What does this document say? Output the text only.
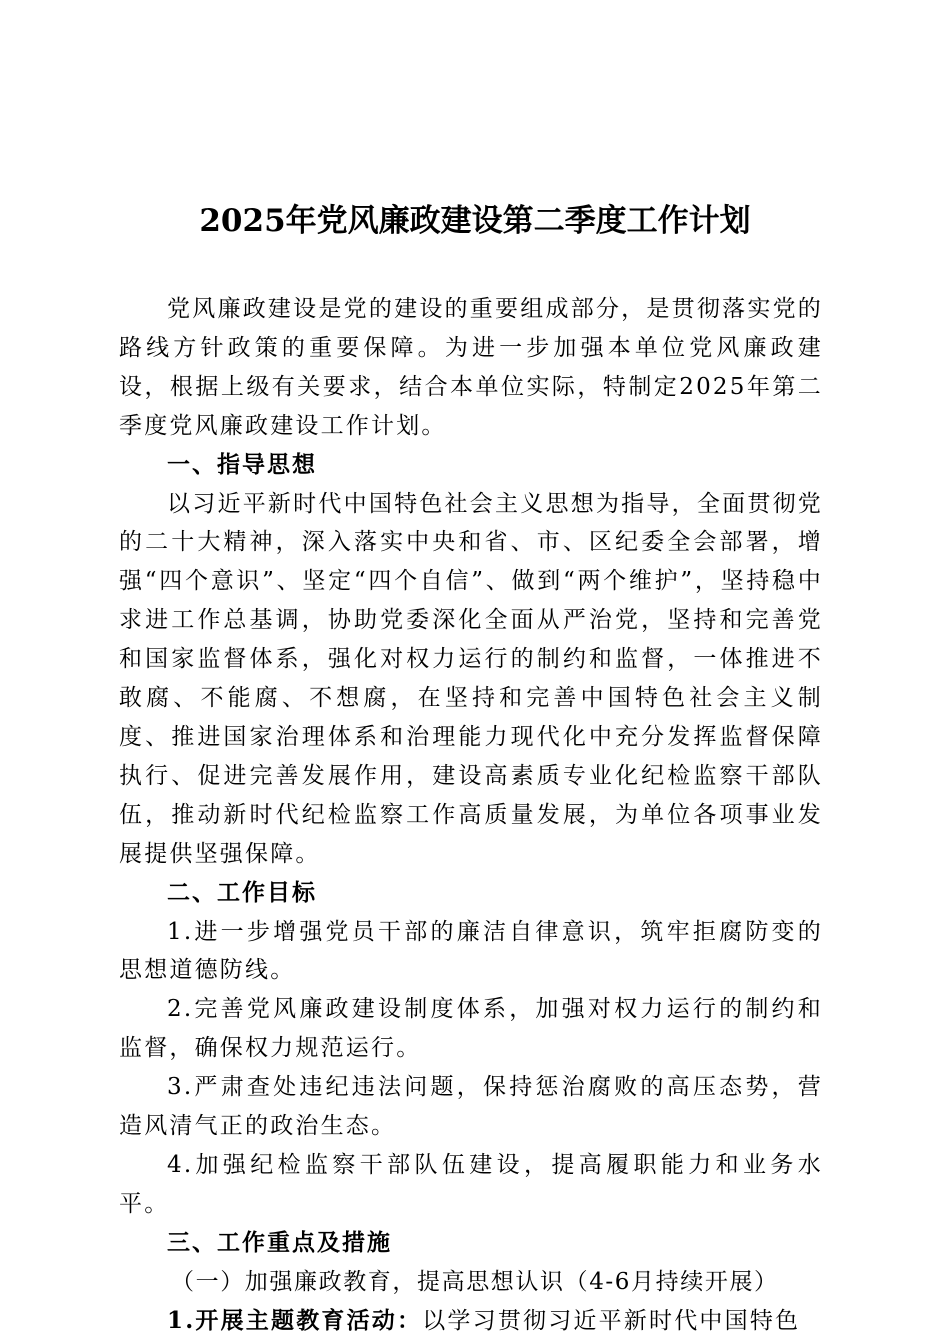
2025年党风廉政建设第二季度工作计划

党风廉政建设是党的建设的重要组成部分，是贯彻落实党的路线方针政策的重要保障。为进一步加强本单位党风廉政建设，根据上级有关要求，结合本单位实际，特制定2025年第二季度党风廉政建设工作计划。

一、指导思想

以习近平新时代中国特色社会主义思想为指导，全面贯彻党的二十大精神，深入落实中央和省、市、区纪委全会部署，增强“四个意识”、坚定“四个自信”、做到“两个维护”，坚持稳中求进工作总基调，协助党委深化全面从严治党，坚持和完善党和国家监督体系，强化对权力运行的制约和监督，一体推进不敢腐、不能腐、不想腐，在坚持和完善中国特色社会主义制度、推进国家治理体系和治理能力现代化中充分发挥监督保障执行、促进完善发展作用，建设高素质专业化纪检监察干部队伍，推动新时代纪检监察工作高质量发展，为单位各项事业发展提供坚强保障。

二、工作目标

1.进一步增强党员干部的廉洁自律意识，筑牢拒腐防变的思想道德防线。

2.完善党风廉政建设制度体系，加强对权力运行的制约和监督，确保权力规范运行。

3.严肃查处违纪违法问题，保持惩治腐败的高压态势，营造风清气正的政治生态。

4.加强纪检监察干部队伍建设，提高履职能力和业务水平。

三、工作重点及措施

（一）加强廉政教育，提高思想认识（4-6月持续开展）

1.开展主题教育活动：以学习贯彻习近平新时代中国特色
